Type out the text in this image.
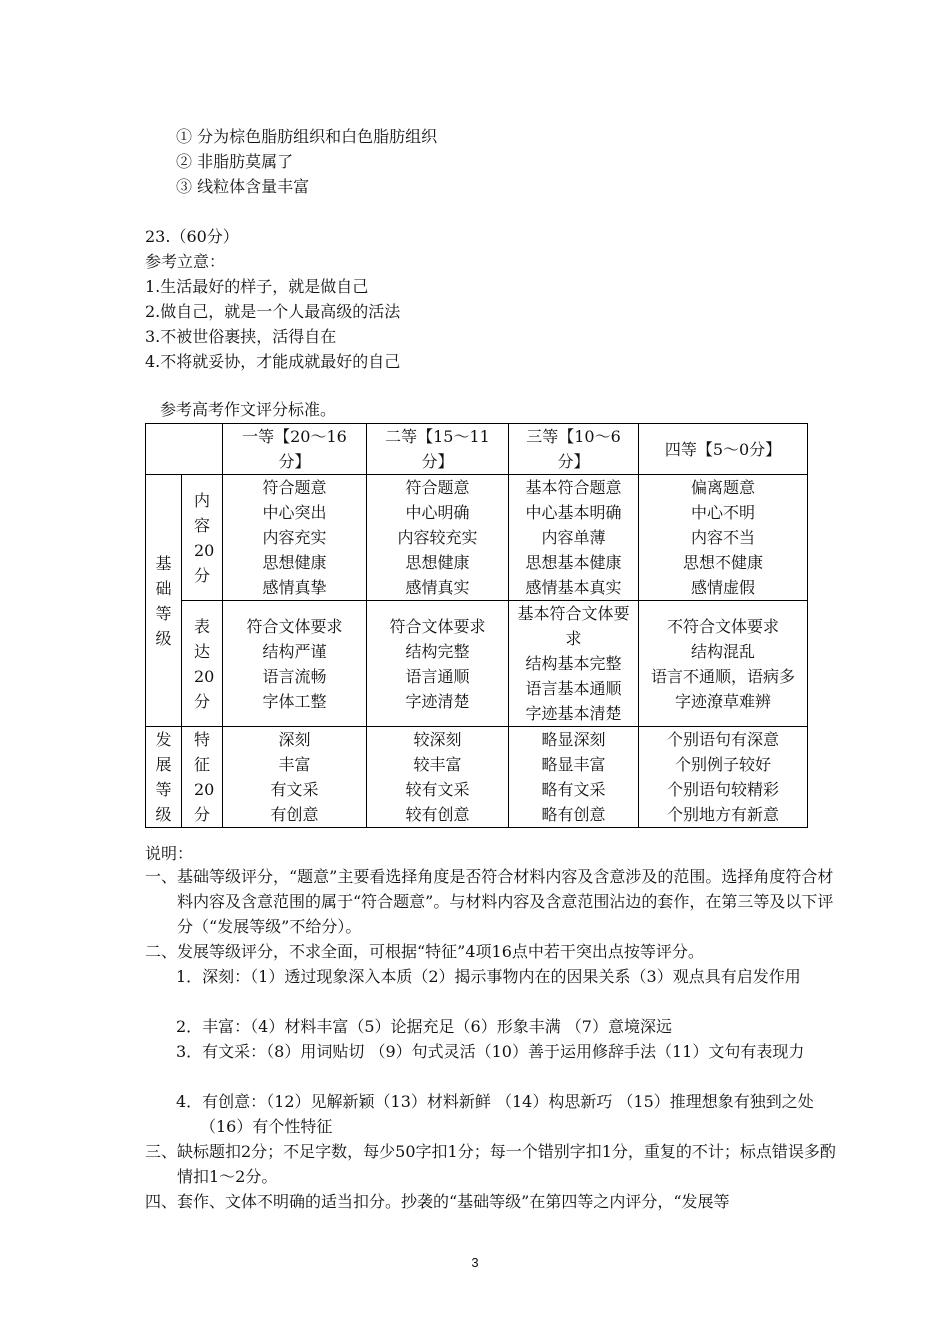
① 分为棕色脂肪组织和白色脂肪组织
② 非脂肪莫属了
③ 线粒体含量丰富
23.（60分）
参考立意：
1.生活最好的样子，就是做自己
2.做自己，就是一个人最高级的活法
3.不被世俗裹挟，活得自在
4.不将就妥协，才能成就最好的自己
参考高考作文评分标准。
		一等【20～16分】	二等【15～11分】	三等【10～6分】	四等【5～0分】
基础等级	内容20分	符合题意
中心突出
内容充实
思想健康
感情真挚	符合题意
中心明确
内容较充实
思想健康
感情真实	基本符合题意
中心基本明确
内容单薄
思想基本健康
感情基本真实	偏离题意
中心不明
内容不当
思想不健康
感情虚假

	表达20分	符合文体要求
结构严谨
语言流畅
字体工整	符合文体要求
结构完整
语言通顺
字迹清楚	基本符合文体要求
结构基本完整
语言基本通顺
字迹基本清楚	不符合文体要求
结构混乱
语言不通顺，语病多
字迹潦草难辨

发展等级	特征20分	深刻
丰富
有文采
有创意	较深刻
较丰富
较有文采
较有创意	略显深刻
略显丰富
略有文采
略有创意	个别语句有深意
个别例子较好
个别语句较精彩
个别地方有新意
说明：
一、基础等级评分，“题意”主要看选择角度是否符合材料内容及含意涉及的范围。选择角度符合材料内容及含意范围的属于“符合题意”。与材料内容及含意范围沾边的套作，在第三等及以下评分（“发展等级”不给分）。
二、发展等级评分，不求全面，可根据“特征”4项16点中若干突出点按等评分。
1．深刻：（1）透过现象深入本质（2）揭示事物内在的因果关系（3）观点具有启发作用
2．丰富：（4）材料丰富（5）论据充足（6）形象丰满 （7）意境深远
3．有文采：（8）用词贴切 （9）句式灵活（10）善于运用修辞手法（11）文句有表现力
4．有创意：（12）见解新颖（13）材料新鲜 （14）构思新巧 （15）推理想象有独到之处 （16）有个性特征
三、缺标题扣2分；不足字数，每少50字扣1分；每一个错别字扣1分，重复的不计；标点错误多酌情扣1～2分。
四、套作、文体不明确的适当扣分。抄袭的“基础等级”在第四等之内评分，“发展等
3
